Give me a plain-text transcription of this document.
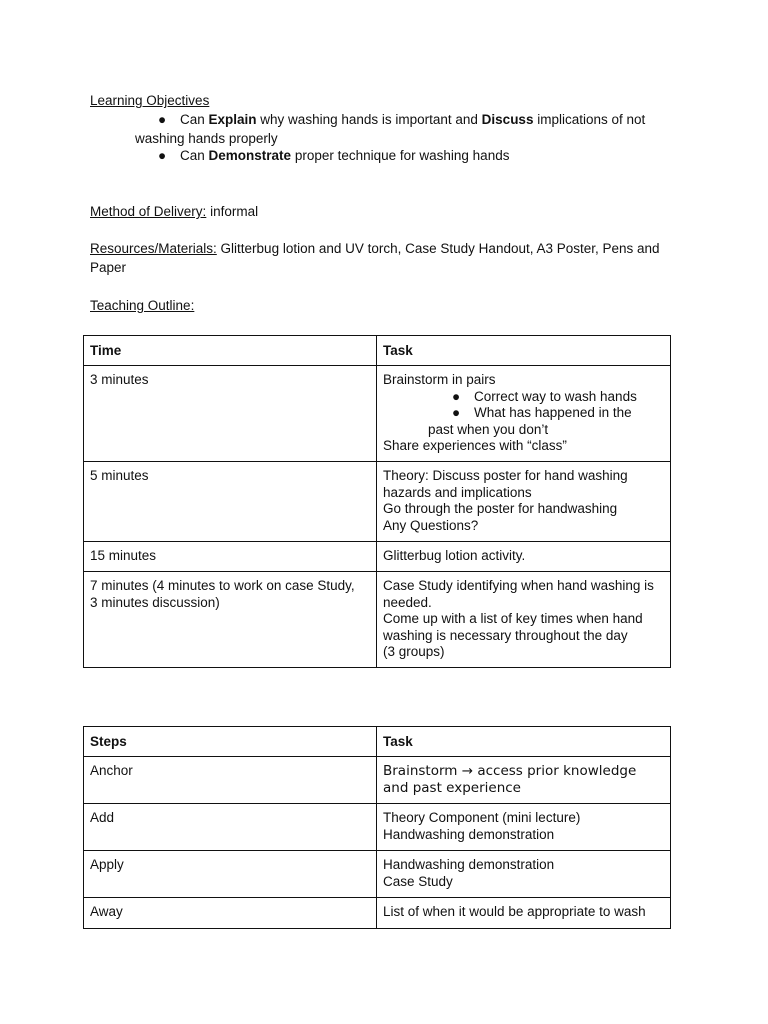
Learning Objectives
● Can Explain why washing hands is important and Discuss implications of not
washing hands properly
● Can Demonstrate proper technique for washing hands
Method of Delivery: informal
Resources/Materials: Glitterbug lotion and UV torch, Case Study Handout, A3 Poster, Pens and
Paper
Teaching Outline:
Time	Task
3 minutes	Brainstorm in pairs
● Correct way to wash hands
● What has happened in the
past when you don’t
Share experiences with “class”

5 minutes	Theory: Discuss poster for hand washing
hazards and implications
Go through the poster for handwashing
Any Questions?

15 minutes	Glitterbug lotion activity.

7 minutes (4 minutes to work on case Study,
3 minutes discussion)	Case Study identifying when hand washing is
needed.
Come up with a list of key times when hand
washing is necessary throughout the day
(3 groups)
Steps	Task
Anchor	Brainstorm → access prior knowledge
and past experience

Add	Theory Component (mini lecture)
Handwashing demonstration

Apply	Handwashing demonstration
Case Study

Away	List of when it would be appropriate to wash
